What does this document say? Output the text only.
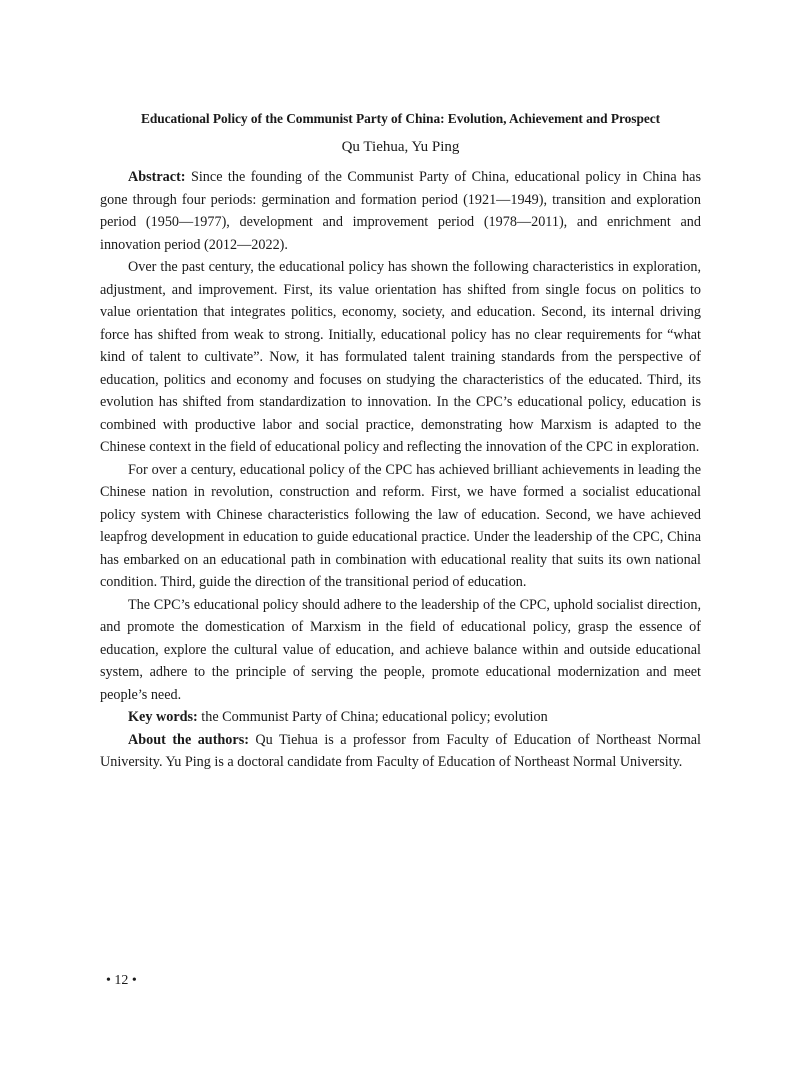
Educational Policy of the Communist Party of China: Evolution, Achievement and Prospect
Qu Tiehua, Yu Ping

Abstract: Since the founding of the Communist Party of China, educational policy in China has gone through four periods: germination and formation period (1921—1949), transition and exploration period (1950—1977), development and improvement period (1978—2011), and enrichment and innovation period (2012—2022).

Over the past century, the educational policy has shown the following characteristics in exploration, adjustment, and improvement. First, its value orientation has shifted from single focus on politics to value orientation that integrates politics, economy, society, and education. Second, its internal driving force has shifted from weak to strong. Initially, educational policy has no clear requirements for “what kind of talent to cultivate”. Now, it has formulated talent training standards from the perspective of education, politics and economy and focuses on studying the characteristics of the educated. Third, its evolution has shifted from standardization to innovation. In the CPC’s educational policy, education is combined with productive labor and social practice, demonstrating how Marxism is adapted to the Chinese context in the field of educational policy and reflecting the innovation of the CPC in exploration.

For over a century, educational policy of the CPC has achieved brilliant achievements in leading the Chinese nation in revolution, construction and reform. First, we have formed a socialist educational policy system with Chinese characteristics following the law of education. Second, we have achieved leapfrog development in education to guide educational practice. Under the leadership of the CPC, China has embarked on an educational path in combination with educational reality that suits its own national condition. Third, guide the direction of the transitional period of education.

The CPC’s educational policy should adhere to the leadership of the CPC, uphold socialist direction, and promote the domestication of Marxism in the field of educational policy, grasp the essence of education, explore the cultural value of education, and achieve balance within and outside educational system, adhere to the principle of serving the people, promote educational modernization and meet people’s need.

Key words: the Communist Party of China; educational policy; evolution

About the authors: Qu Tiehua is a professor from Faculty of Education of Northeast Normal University. Yu Ping is a doctoral candidate from Faculty of Education of Northeast Normal University.

• 12 •
